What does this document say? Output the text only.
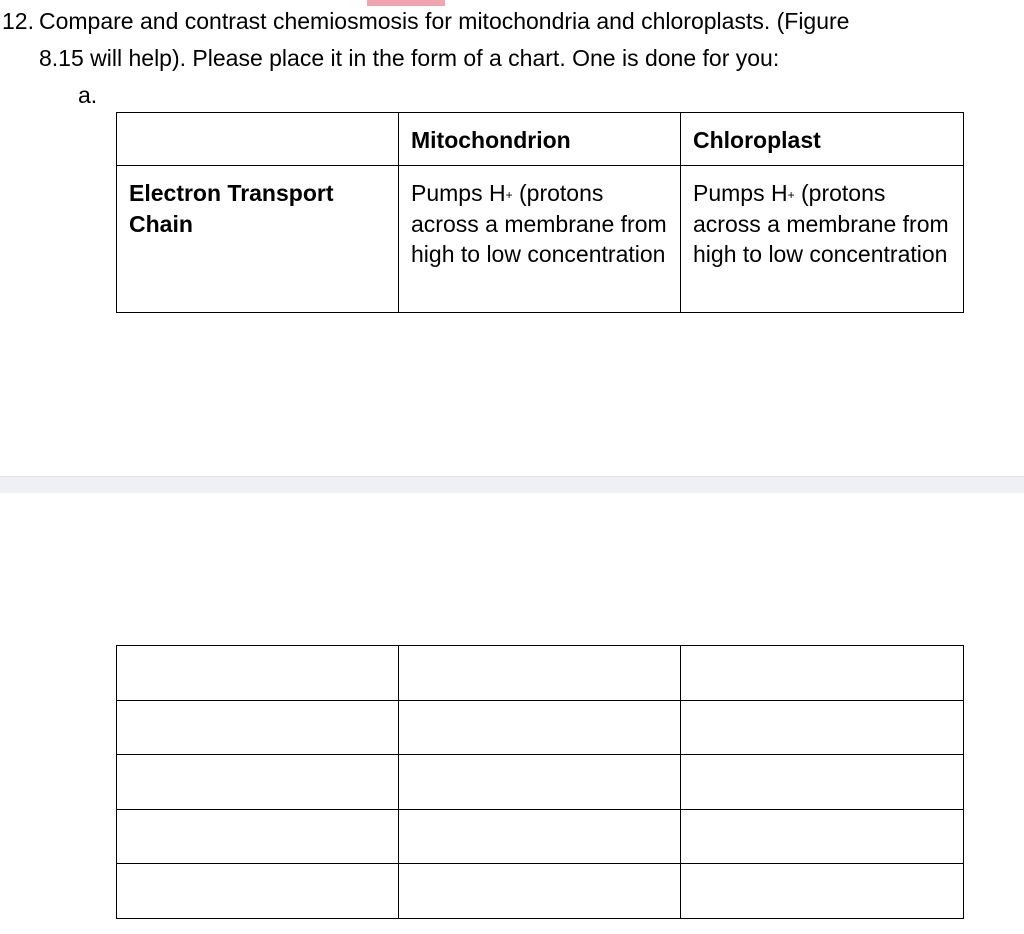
12. Compare and contrast chemiosmosis for mitochondria and chloroplasts. (Figure
8.15 will help). Please place it in the form of a chart. One is done for you:
a.
	Mitochondrion	Chloroplast
Electron Transport Chain	Pumps H+ (protons across a membrane from high to low concentration	Pumps H+ (protons across a membrane from high to low concentration
